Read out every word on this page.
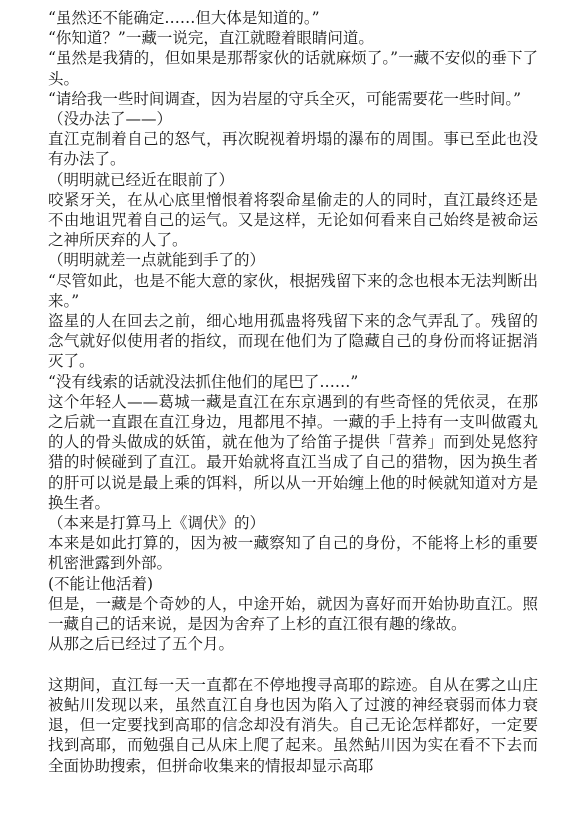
“虽然还不能确定……但大体是知道的。”

“你知道？”一藏一说完，直江就瞪着眼睛问道。

“虽然是我猜的，但如果是那帮家伙的话就麻烦了。”一藏不安似的垂下了头。

“请给我一些时间调查，因为岩屋的守兵全灭，可能需要花一些时间。”

（没办法了——）

直江克制着自己的怒气，再次睨视着坍塌的瀑布的周围。事已至此也没有办法了。

（明明就已经近在眼前了）

咬紧牙关，在从心底里憎恨着将裂命星偷走的人的同时，直江最终还是不由地诅咒着自己的运气。又是这样，无论如何看来自己始终是被命运之神所厌弃的人了。

（明明就差一点就能到手了的）

“尽管如此，也是不能大意的家伙，根据残留下来的念也根本无法判断出来。”

盗星的人在回去之前，细心地用孤蛊将残留下来的念气弄乱了。残留的念气就好似使用者的指纹，而现在他们为了隐藏自己的身份而将证据消灭了。

“没有线索的话就没法抓住他们的尾巴了……”

这个年轻人——葛城一藏是直江在东京遇到的有些奇怪的凭依灵，在那之后就一直跟在直江身边，甩都甩不掉。一藏的手上持有一支叫做霞丸的人的骨头做成的妖笛，就在他为了给笛子提供「营养」而到处晃悠狩猎的时候碰到了直江。最开始就将直江当成了自己的猎物，因为换生者的肝可以说是最上乘的饵料，所以从一开始缠上他的时候就知道对方是换生者。

（本来是打算马上《调伏》的）

本来是如此打算的，因为被一藏察知了自己的身份，不能将上杉的重要机密泄露到外部。

(不能让他活着)

但是，一藏是个奇妙的人，中途开始，就因为喜好而开始协助直江。照一藏自己的话来说，是因为舍弃了上杉的直江很有趣的缘故。

从那之后已经过了五个月。

这期间，直江每一天一直都在不停地搜寻高耶的踪迹。自从在雾之山庄被鲇川发现以来，虽然直江自身也因为陷入了过渡的神经衰弱而体力衰退，但一定要找到高耶的信念却没有消失。自己无论怎样都好，一定要找到高耶，而勉强自己从床上爬了起来。虽然鲇川因为实在看不下去而全面协助搜索，但拼命收集来的情报却显示高耶
